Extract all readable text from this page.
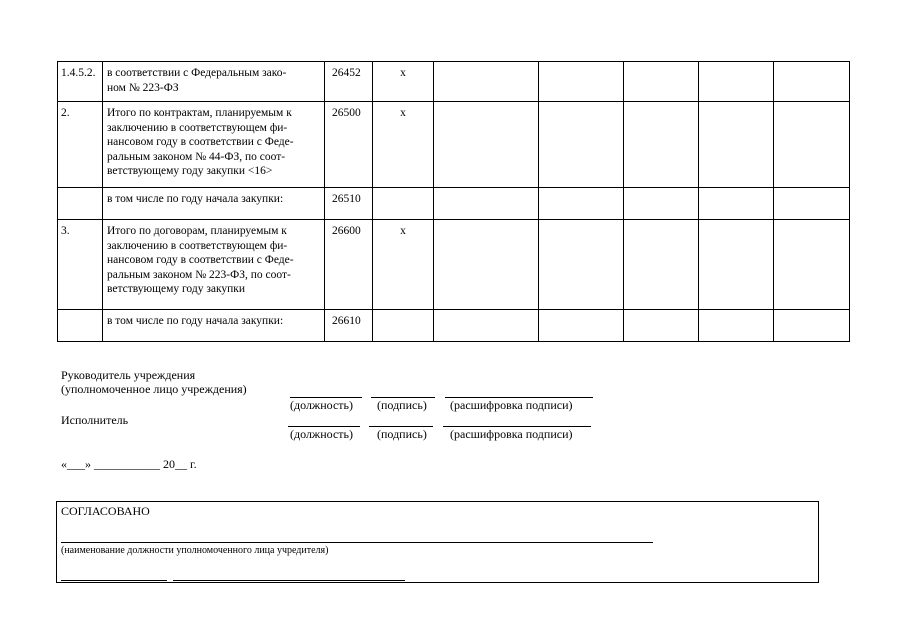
1.4.5.2.	в соответствии с Федеральным зако-
ном № 223-ФЗ	26452	x					
2.	Итого по контрактам, планируемым к
заключению в соответствующем фи-
нансовом году в соответствии с Феде-
ральным законом № 44-ФЗ, по соот-
ветствующему году закупки <16>	26500	x					

	в том числе по году начала закупки:	26510						
3.	Итого по договорам, планируемым к
заключению в соответствующем фи-
нансовом году в соответствии с Феде-
ральным законом № 223-ФЗ, по соот-
ветствующему году закупки	26600	x					

	в том числе по году начала закупки:	26610						
Руководитель учреждения
(уполномоченное лицо учреждения)
(должность) (подпись) (расшифровка подписи)
Исполнитель
(должность) (подпись) (расшифровка подписи)
«___» ___________ 20__ г.
СОГЛАСОВАНО
(наименование должности уполномоченного лица учредителя)
